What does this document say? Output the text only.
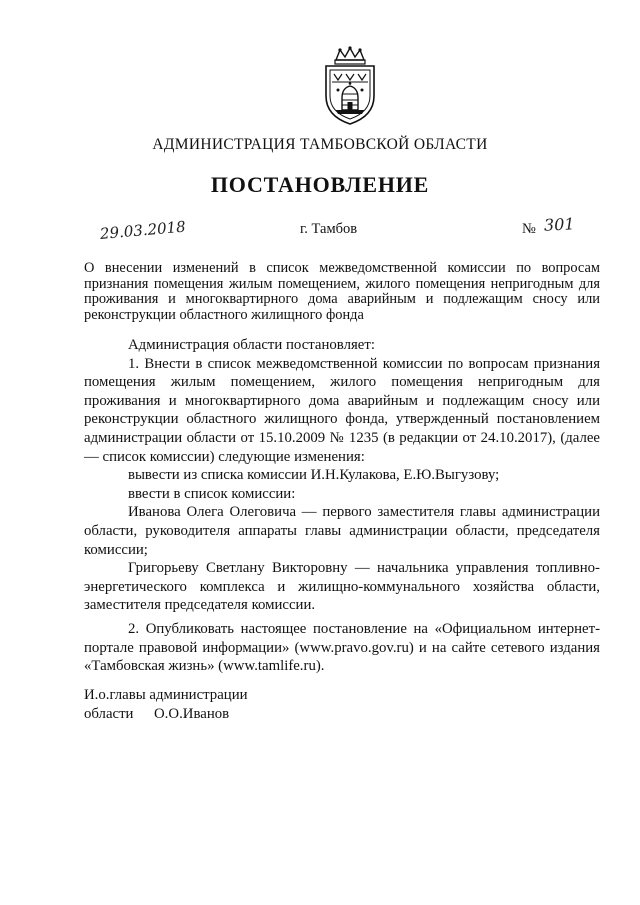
АДМИНИСТРАЦИЯ ТАМБОВСКОЙ ОБЛАСТИ
ПОСТАНОВЛЕНИЕ
29.03.2018	г. Тамбов	№ 301
О внесении изменений в список межведомственной комиссии по вопросам признания помещения жилым помещением, жилого помещения непригодным для проживания и многоквартирного дома аварийным и подлежащим сносу или реконструкции областного жилищного фонда

Администрация области постановляет:

1. Внести в список межведомственной комиссии по вопросам признания помещения жилым помещением, жилого помещения непригодным для проживания и многоквартирного дома аварийным и подлежащим сносу или реконструкции областного жилищного фонда, утвержденный постановлением администрации области от 15.10.2009 № 1235 (в редакции от 24.10.2017), (далее — список комиссии) следующие изменения:

вывести из списка комиссии И.Н.Кулакова, Е.Ю.Выгузову;

ввести в список комиссии:

Иванова Олега Олеговича — первого заместителя главы администрации области, руководителя аппараты главы администрации области, председателя комиссии;

Григорьеву Светлану Викторовну — начальника управления топливно-энергетического комплекса и жилищно-коммунального хозяйства области, заместителя председателя комиссии.

2. Опубликовать настоящее постановление на «Официальном интернет-портале правовой информации» (www.pravo.gov.ru) и на сайте сетевого издания «Тамбовская жизнь» (www.tamlife.ru).

И.о.главы администрации
области О.О.Иванов
